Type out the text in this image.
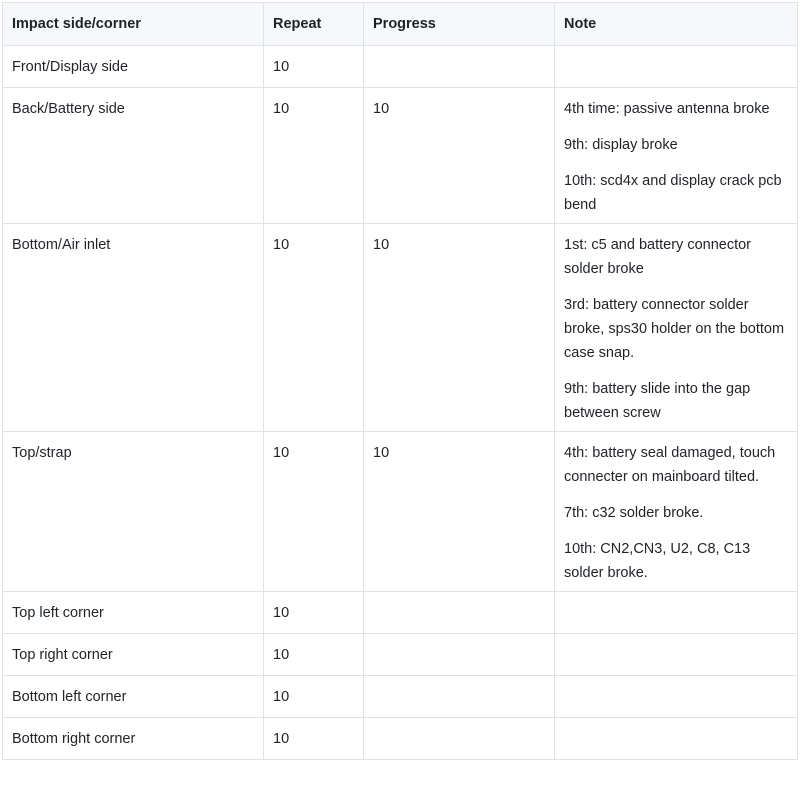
Impact side/corner	Repeat	Progress	Note
Front/Display side	10		
Back/Battery side	10	10	4th time: passive antenna broke

9th: display broke

10th: scd4x and display crack pcb bend

Bottom/Air inlet	10	10	1st: c5 and battery connector solder broke

3rd: battery connector solder broke, sps30 holder on the bottom case snap.

9th: battery slide into the gap between screw

Top/strap	10	10	4th: battery seal damaged, touch connecter on mainboard tilted.

7th: c32 solder broke.

10th: CN2,CN3, U2, C8, C13 solder broke.

Top left corner	10		
Top right corner	10		
Bottom left corner	10		
Bottom right corner	10		
